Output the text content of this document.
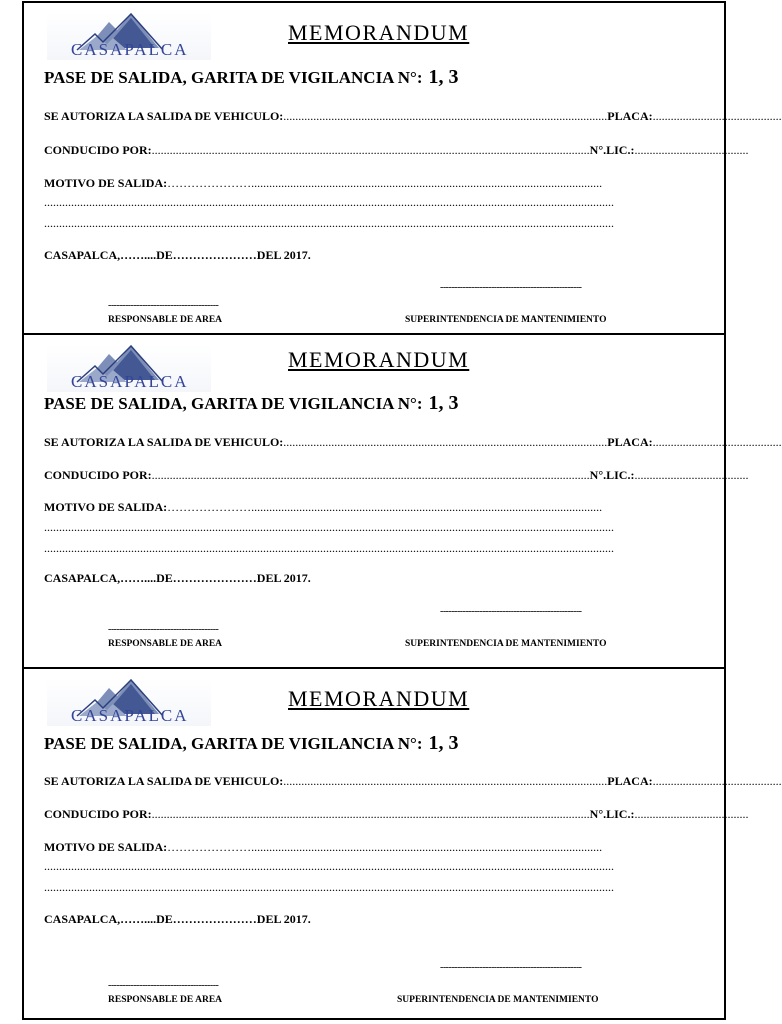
CASAPALCA
MEMORANDUM
PASE DE SALIDA, GARITA DE VIGILANCIA N°: 1, 3
SE AUTORIZA LA SALIDA DE VEHICULO:............................................................................................................PLACA:...........................................
CONDUCIDO POR:..................................................................................................................................................N°.LIC.:......................................
MOTIVO DE SALIDA:………………….....................................................................................................................
..............................................................................................................................................................................................
..............................................................................................................................................................................................
CASAPALCA,……....DE…………………DEL 2017.
--------------------------------------------------
---------------------------------------
RESPONSABLE DE AREA	SUPERINTENDENCIA DE MANTENIMIENTO
CASAPALCA
MEMORANDUM
PASE DE SALIDA, GARITA DE VIGILANCIA N°: 1, 3
SE AUTORIZA LA SALIDA DE VEHICULO:............................................................................................................PLACA:...........................................
CONDUCIDO POR:..................................................................................................................................................N°.LIC.:......................................
MOTIVO DE SALIDA:………………….....................................................................................................................
..............................................................................................................................................................................................
..............................................................................................................................................................................................
CASAPALCA,……....DE…………………DEL 2017.
--------------------------------------------------
---------------------------------------
RESPONSABLE DE AREA	SUPERINTENDENCIA DE MANTENIMIENTO
CASAPALCA
MEMORANDUM
PASE DE SALIDA, GARITA DE VIGILANCIA N°: 1, 3
SE AUTORIZA LA SALIDA DE VEHICULO:............................................................................................................PLACA:...........................................
CONDUCIDO POR:..................................................................................................................................................N°.LIC.:......................................
MOTIVO DE SALIDA:………………….....................................................................................................................
..............................................................................................................................................................................................
..............................................................................................................................................................................................
CASAPALCA,……....DE…………………DEL 2017.
--------------------------------------------------
---------------------------------------
RESPONSABLE DE AREA	SUPERINTENDENCIA DE MANTENIMIENTO
